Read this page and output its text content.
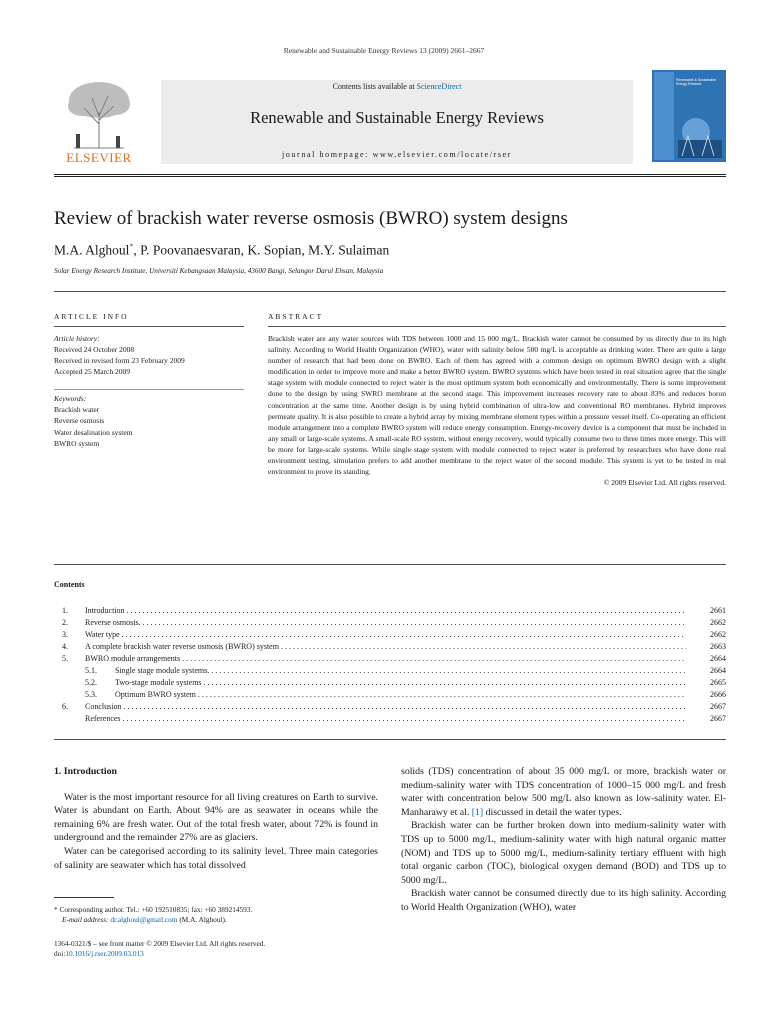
Renewable and Sustainable Energy Reviews 13 (2009) 2661–2667
ELSEVIER
Contents lists available at ScienceDirect
Renewable and Sustainable Energy Reviews
journal homepage: www.elsevier.com/locate/rser
Renewable & Sustainable Energy Reviews
Review of brackish water reverse osmosis (BWRO) system designs
M.A. Alghoul*, P. Poovanaesvaran, K. Sopian, M.Y. Sulaiman
Solar Energy Research Institute, Universiti Kebangsaan Malaysia, 43600 Bangi, Selangor Darul Ehsan, Malaysia
ARTICLE INFO
Article history:
Received 24 October 2008
Received in revised form 23 February 2009
Accepted 25 March 2009
Keywords:
Brackish water
Reverse osmosis
Water desalination system
BWRO system
ABSTRACT
Brackish water are any water sources with TDS between 1000 and 15 000 mg/L. Brackish water cannot be consumed by us directly due to its high salinity. According to World Health Organization (WHO), water with salinity below 500 mg/L is acceptable as drinking water. There are quite a large number of research that had been done on BWRO. Each of them has agreed with a common design on optimum BWRO design with a slight modification in order to improve more and make a better BWRO system. BWRO systems which have been tested in real situation agree that the single stage system with module connected to reject water is the most optimum system both economically and environmentally. There is some improvement done to the design by using SWRO membrane at the second stage. This improvement increases recovery rate to about 83% and reduces boron concentration at the same time. Another design is by using hybrid combination of ultra-low and conventional RO membranes. Hybrid improves permeate quality. It is also possible to create a hybrid array by mixing membrane element types within a pressure vessel itself. Co-operating an efficient module arrangement into a complete BWRO system will reduce energy consumption. Energy-recovery device is a component that must be included in any small or large-scale systems. A small-scale RO system, without energy recovery, would typically consume two to three times more energy. This will be more for large-scale systems. While single stage system with module connected to reject water is preferred by researchers who have done real environment testing, simulation prefers to add another membrane to the reject water of the second module. This system is yet to be tested in real environment to prove its standing.
© 2009 Elsevier Ltd. All rights reserved.
Contents
1. Introduction . . .	2661
2. Reverse osmosis. . . .	2662
3. Water type . . .	2662
4. A complete brackish water reverse osmosis (BWRO) system . . .	2663
5. BWRO module arrangements . . .	2664
5.1. Single stage module systems. . . .	2664
5.2. Two-stage module systems . . .	2665
5.3. Optimum BWRO system . . .	2666
6. Conclusion . . .	2667
References . . .	2667
1. Introduction

Water is the most important resource for all living creatures on Earth to survive. Water is abundant on Earth. About 94% are as seawater in oceans while the remaining 6% are fresh water. Out of the total fresh water, about 72% is found in underground and the remainder 27% are as glaciers.

Water can be categorised according to its salinity level. Three main categories of salinity are seawater which has total dissolved

solids (TDS) concentration of about 35 000 mg/L or more, brackish water or medium-salinity water with TDS concentration of 1000–15 000 mg/L and fresh water with concentration below 500 mg/L also known as low-salinity water. El-Manharawy et al. [1] discussed in detail the water types.

Brackish water can be further broken down into medium-salinity water with TDS up to 5000 mg/L, medium-salinity water with high natural organic matter (NOM) and TDS up to 5000 mg/L, medium-salinity tertiary effluent with high total organic carbon (TOC), biological oxygen demand (BOD) and TDS up to 5000 mg/L.

Brackish water cannot be consumed directly due to its high salinity. According to World Health Organization (WHO), water

* Corresponding author. Tel.: +60 192510835; fax: +60 389214593.
E-mail address: dr.alghoul@gmail.com (M.A. Alghoul).
1364-0321/$ – see front matter © 2009 Elsevier Ltd. All rights reserved.
doi:10.1016/j.rser.2009.03.013
